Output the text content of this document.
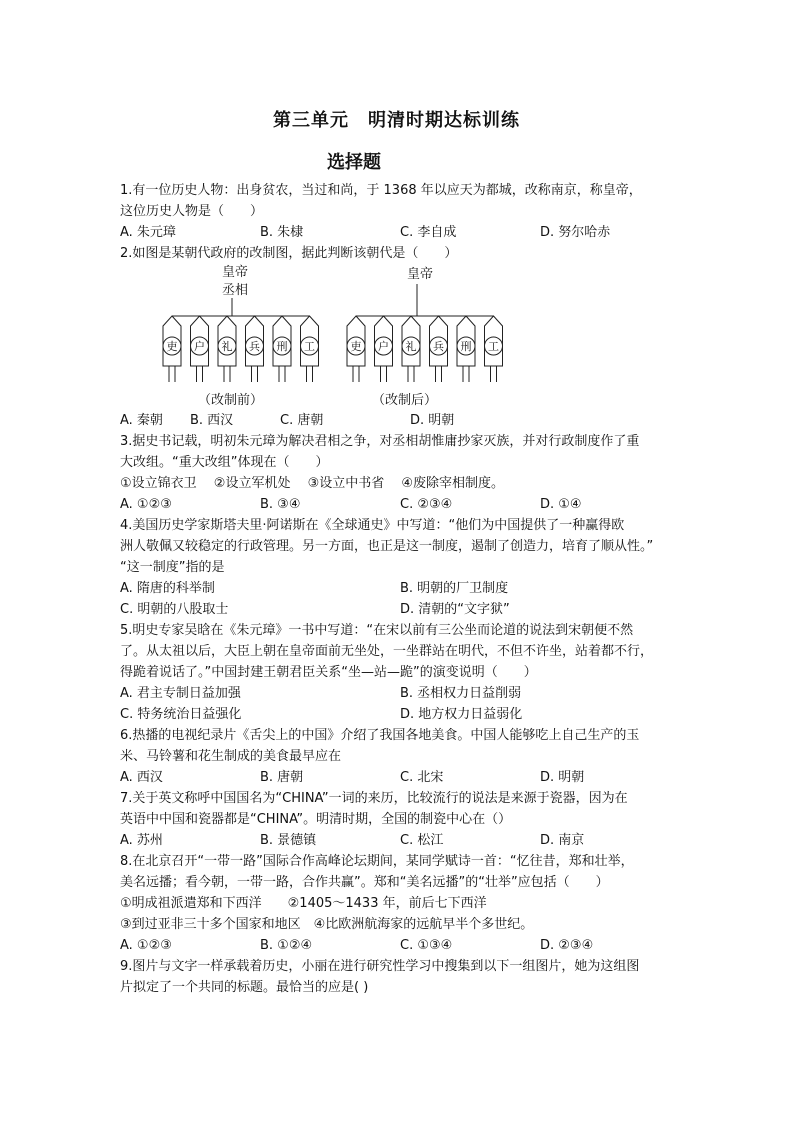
第三单元　明清时期达标训练
选择题
1.有一位历史人物：出身贫农，当过和尚，于 1368 年以应天为都城，改称南京，称皇帝，
这位历史人物是（　　）
A. 朱元璋	B. 朱棣	C. 李自成	D. 努尔哈赤
2.如图是某朝代政府的改制图，据此判断该朝代是（　　）
吏 户 礼 兵 刑 工	吏 户 礼 兵 刑 工
皇帝
丞相
皇帝
（改制前）	（改制后）
A. 秦朝	B. 西汉	C. 唐朝	D. 明朝
3.据史书记载，明初朱元璋为解决君相之争，对丞相胡惟庸抄家灭族，并对行政制度作了重
大改组。“重大改组”体现在（　　）
①设立锦衣卫　 ②设立军机处　 ③设立中书省　 ④废除宰相制度。
A. ①②③	B. ③④	C. ②③④	D. ①④
4.美国历史学家斯塔夫里·阿诺斯在《全球通史》中写道：“他们为中国提供了一种赢得欧
洲人敬佩又较稳定的行政管理。另一方面，也正是这一制度，遏制了创造力，培育了顺从性。”
“这一制度”指的是
A. 隋唐的科举制	B. 明朝的厂卫制度
C. 明朝的八股取士	D. 清朝的“文字狱”
5.明史专家吴晗在《朱元璋》一书中写道：“在宋以前有三公坐而论道的说法到宋朝便不然
了。从太祖以后，大臣上朝在皇帝面前无坐处，一坐群站在明代，不但不许坐，站着都不行，
得跪着说话了。”中国封建王朝君臣关系“坐—站—跪”的演变说明（　　）
A. 君主专制日益加强	B. 丞相权力日益削弱
C. 特务统治日益强化	D. 地方权力日益弱化
6.热播的电视纪录片《舌尖上的中国》介绍了我国各地美食。中国人能够吃上自己生产的玉
米、马铃薯和花生制成的美食最早应在
A. 西汉	B. 唐朝	C. 北宋	D. 明朝
7.关于英文称呼中国国名为“CHINA”一词的来历，比较流行的说法是来源于瓷器，因为在
英语中中国和瓷器都是“CHINA”。明清时期，全国的制瓷中心在（）
A. 苏州	B. 景德镇	C. 松江	D. 南京
8.在北京召开“一带一路”国际合作高峰论坛期间，某同学赋诗一首：“忆往昔，郑和壮举，
美名远播；看今朝，一带一路，合作共赢”。郑和“美名远播”的“壮举”应包括（　　）
①明成祖派遣郑和下西洋　　②1405～1433 年，前后七下西洋
③到过亚非三十多个国家和地区　④比欧洲航海家的远航早半个多世纪。
A. ①②③	B. ①②④	C. ①③④	D. ②③④
9.图片与文字一样承载着历史，小丽在进行研究性学习中搜集到以下一组图片，她为这组图
片拟定了一个共同的标题。最恰当的应是( )
